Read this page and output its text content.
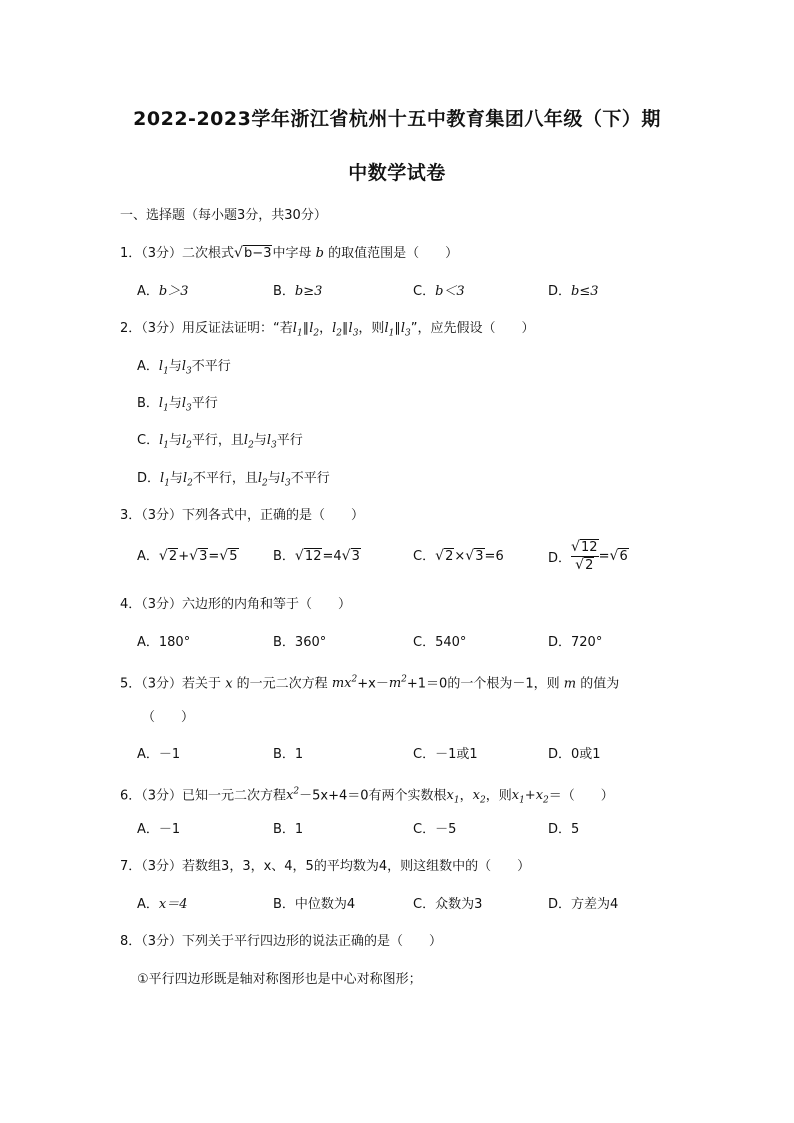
2022-2023学年浙江省杭州十五中教育集团八年级（下）期
中数学试卷
一、选择题（每小题3分，共30分）
1．（3分）二次根式 √ b−3中字母 b 的取值范围是（　　）
A．b＞3	B．b≥3	C．b＜3	D．b≤3
2．（3分）用反证法证明：“若$l_1\parallel l_2$，$l_2\parallel l_3$，则$l_1\parallel l_3$”，应先假设（　　）
A．$l_1$与$l_3$不平行
B．$l_1$与$l_3$平行
C．$l_1$与$l_2$平行，且$l_2$与$l_3$平行
D．$l_1$与$l_2$不平行，且$l_2$与$l_3$不平行
3．（3分）下列各式中，正确的是（　　）
A． √ 2+ √ 3= √ 5	B． √ 12=4 √ 3	C． √ 2× √ 3=6	D． √ 12
√ 2 = √ 6
4．（3分）六边形的内角和等于（　　）
A．180°	B．360°	C．540°	D．720°
5．（3分）若关于 x 的一元二次方程 $mx^2+x-m^2+1=0$的一个根为－1，则 m 的值为
（　　）
A．－1	B．1	C．－1或1	D．0或1
6．（3分）已知一元二次方程$x^2-5x+4=0$有两个实数根$x_1$，$x_2$，则$x_1+x_2=$（　　）
A．－1	B．1	C．－5	D．5
7．（3分）若数组3，3，x、4，5的平均数为4，则这组数中的（　　）
A．x＝4	B．中位数为4	C．众数为3	D．方差为4
8．（3分）下列关于平行四边形的说法正确的是（　　）
①平行四边形既是轴对称图形也是中心对称图形；
